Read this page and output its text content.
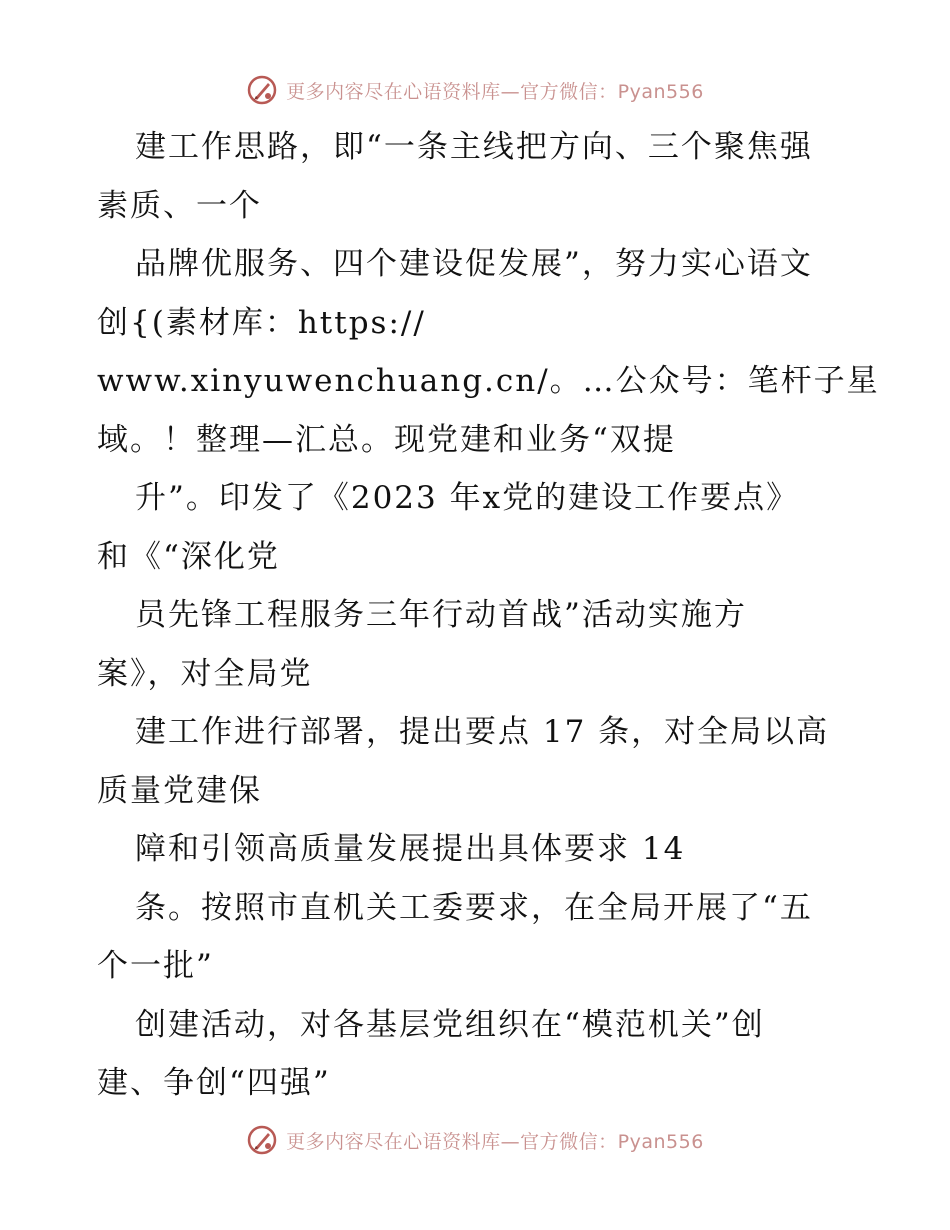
更多内容尽在心语资料库—官方微信：Pyan556
建工作思路，即“一条主线把方向、三个聚焦强
素质、一个
品牌优服务、四个建设促发展”，努力实心语文
创{(素材库：https://
www.xinyuwenchuang.cn/。…公众号：笔杆子星
域。！整理—汇总。现党建和业务“双提
升”。印发了《2023 年x党的建设工作要点》
和《“深化党
员先锋工程服务三年行动首战”活动实施方
案》，对全局党
建工作进行部署，提出要点 17 条，对全局以高
质量党建保
障和引领高质量发展提出具体要求 14
条。按照市直机关工委要求，在全局开展了“五
个一批”
创建活动，对各基层党组织在“模范机关”创
建、争创“四强”
更多内容尽在心语资料库—官方微信：Pyan556
